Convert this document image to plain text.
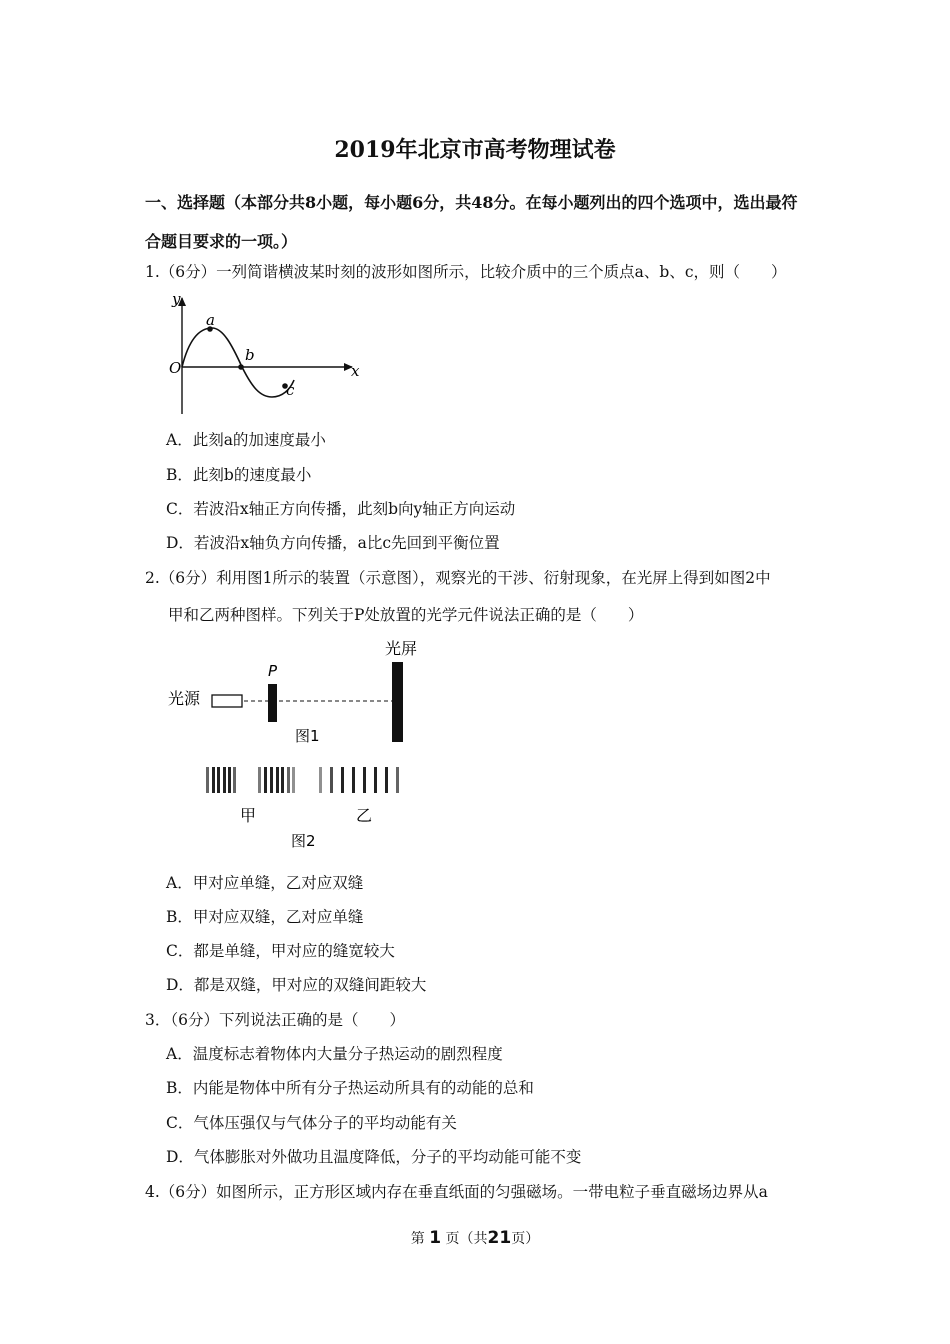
2019年北京市高考物理试卷
一、选择题（本部分共8小题，每小题6分，共48分。在每小题列出的四个选项中，选出最符
合题目要求的一项。）
1.（6分）一列简谐横波某时刻的波形如图所示，比较介质中的三个质点a、b、c，则（　　）
y
x
O
a
b
c
A．此刻a的加速度最小
B．此刻b的速度最小
C．若波沿x轴正方向传播，此刻b向y轴正方向运动
D．若波沿x轴负方向传播，a比c先回到平衡位置
2.（6分）利用图1所示的装置（示意图），观察光的干涉、衍射现象，在光屏上得到如图2中
甲和乙两种图样。下列关于P处放置的光学元件说法正确的是（　　）
光源
P
光屏
图1
甲	乙
图2
A．甲对应单缝，乙对应双缝
B．甲对应双缝，乙对应单缝
C．都是单缝，甲对应的缝宽较大
D．都是双缝，甲对应的双缝间距较大
3．（6分）下列说法正确的是（　　）
A．温度标志着物体内大量分子热运动的剧烈程度
B．内能是物体中所有分子热运动所具有的动能的总和
C．气体压强仅与气体分子的平均动能有关
D．气体膨胀对外做功且温度降低，分子的平均动能可能不变
4.（6分）如图所示，正方形区域内存在垂直纸面的匀强磁场。一带电粒子垂直磁场边界从a
第 1 页（共21页）
